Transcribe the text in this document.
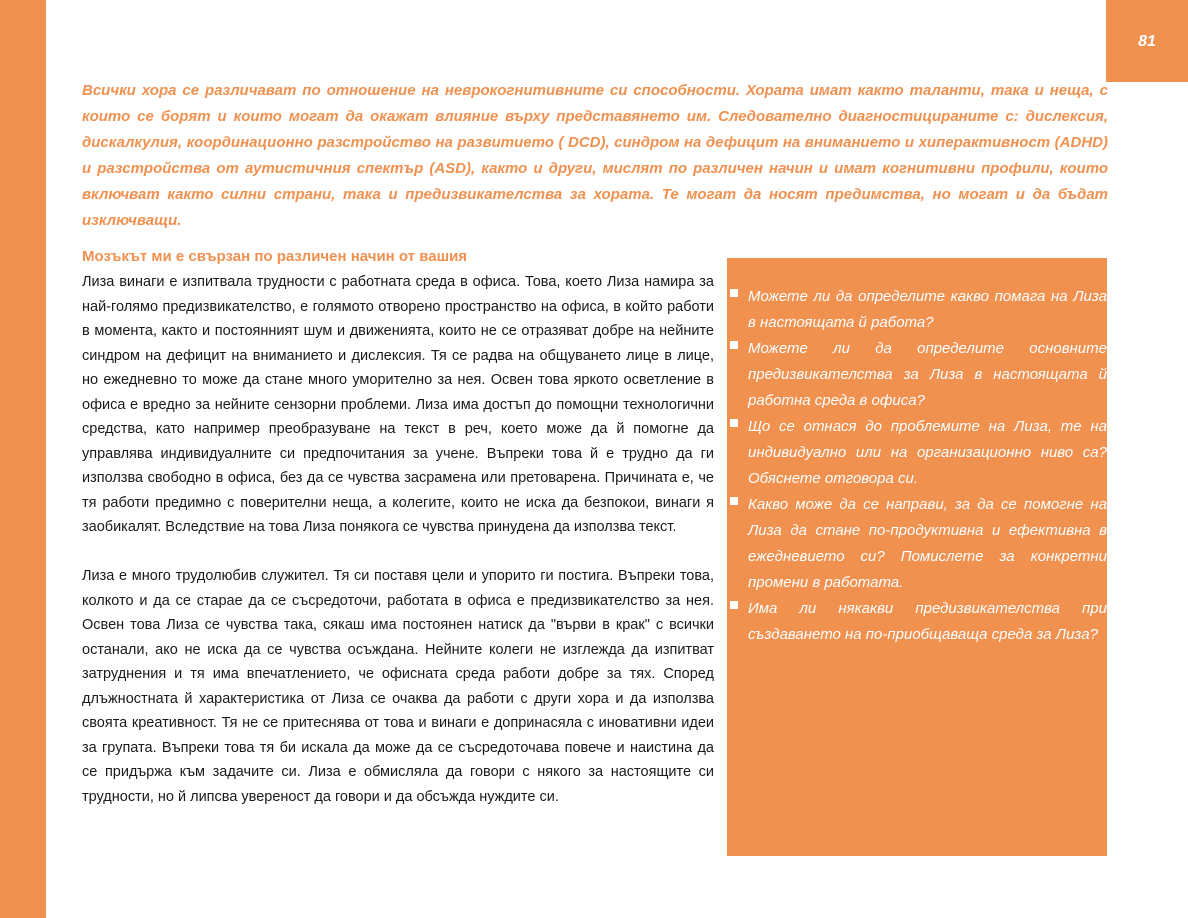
81

Всички хора се различават по отношение на неврокогнитивните си способности. Хората имат както таланти, така и неща, с които се борят и които могат да окажат влияние върху представянето им. Следователно диагностицираните с: дислексия, дискалкулия, координационно разстройство на развитието ( DCD), синдром на дефицит на вниманието и хиперактивност (ADHD) и разстройства от аутистичния спектър (ASD), както и други, мислят по различен начин и имат когнитивни профили, които включват както силни страни, така и предизвикателства за хората. Те могат да носят предимства, но могат и да бъдат изключващи.

Мозъкът ми е свързан по различен начин от вашия

Лиза винаги е изпитвала трудности с работната среда в офиса. Това, което Лиза намира за най-голямо предизвикателство, е голямото отворено пространство на офиса, в който работи в момента, както и постоянният шум и движенията, които не се отразяват добре на нейните синдром на дефицит на вниманието и дислексия. Тя се радва на общуването лице в лице, но ежедневно то може да стане много уморително за нея. Освен това яркото осветление в офиса е вредно за нейните сензорни проблеми. Лиза има достъп до помощни технологични средства, като например преобразуване на текст в реч, което може да й помогне да управлява индивидуалните си предпочитания за учене. Въпреки това й е трудно да ги използва свободно в офиса, без да се чувства засрамена или претоварена. Причината е, че тя работи предимно с поверителни неща, а колегите, които не иска да безпокои, винаги я заобикалят. Вследствие на това Лиза понякога се чувства принудена да използва текст.

Лиза е много трудолюбив служител. Тя си поставя цели и упорито ги постига. Въпреки това, колкото и да се старае да се съсредоточи, работата в офиса е предизвикателство за нея. Освен това Лиза се чувства така, сякаш има постоянен натиск да "върви в крак" с всички останали, ако не иска да се чувства осъждана. Нейните колеги не изглежда да изпитват затруднения и тя има впечатлението, че офисната среда работи добре за тях. Според длъжностната й характеристика от Лиза се очаква да работи с други хора и да използва своята креативност. Тя не се притеснява от това и винаги е допринасяла с иновативни идеи за групата. Въпреки това тя би искала да може да се съсредоточава повече и наистина да се придържа към задачите си. Лиза е обмисляла да говори с някого за настоящите си трудности, но й липсва увереност да говори и да обсъжда нуждите си.

Можете ли да определите какво помага на Лиза в настоящата й работа?
Можете ли да определите основните предизвикателства за Лиза в настоящата й работна среда в офиса?
Що се отнася до проблемите на Лиза, те на индивидуално или на организационно ниво са? Обяснете отговора си.
Какво може да се направи, за да се помогне на Лиза да стане по-продуктивна и ефективна в ежедневието си? Помислете за конкретни промени в работата.
Има ли някакви предизвикателства при създаването на по-приобщаваща среда за Лиза?
